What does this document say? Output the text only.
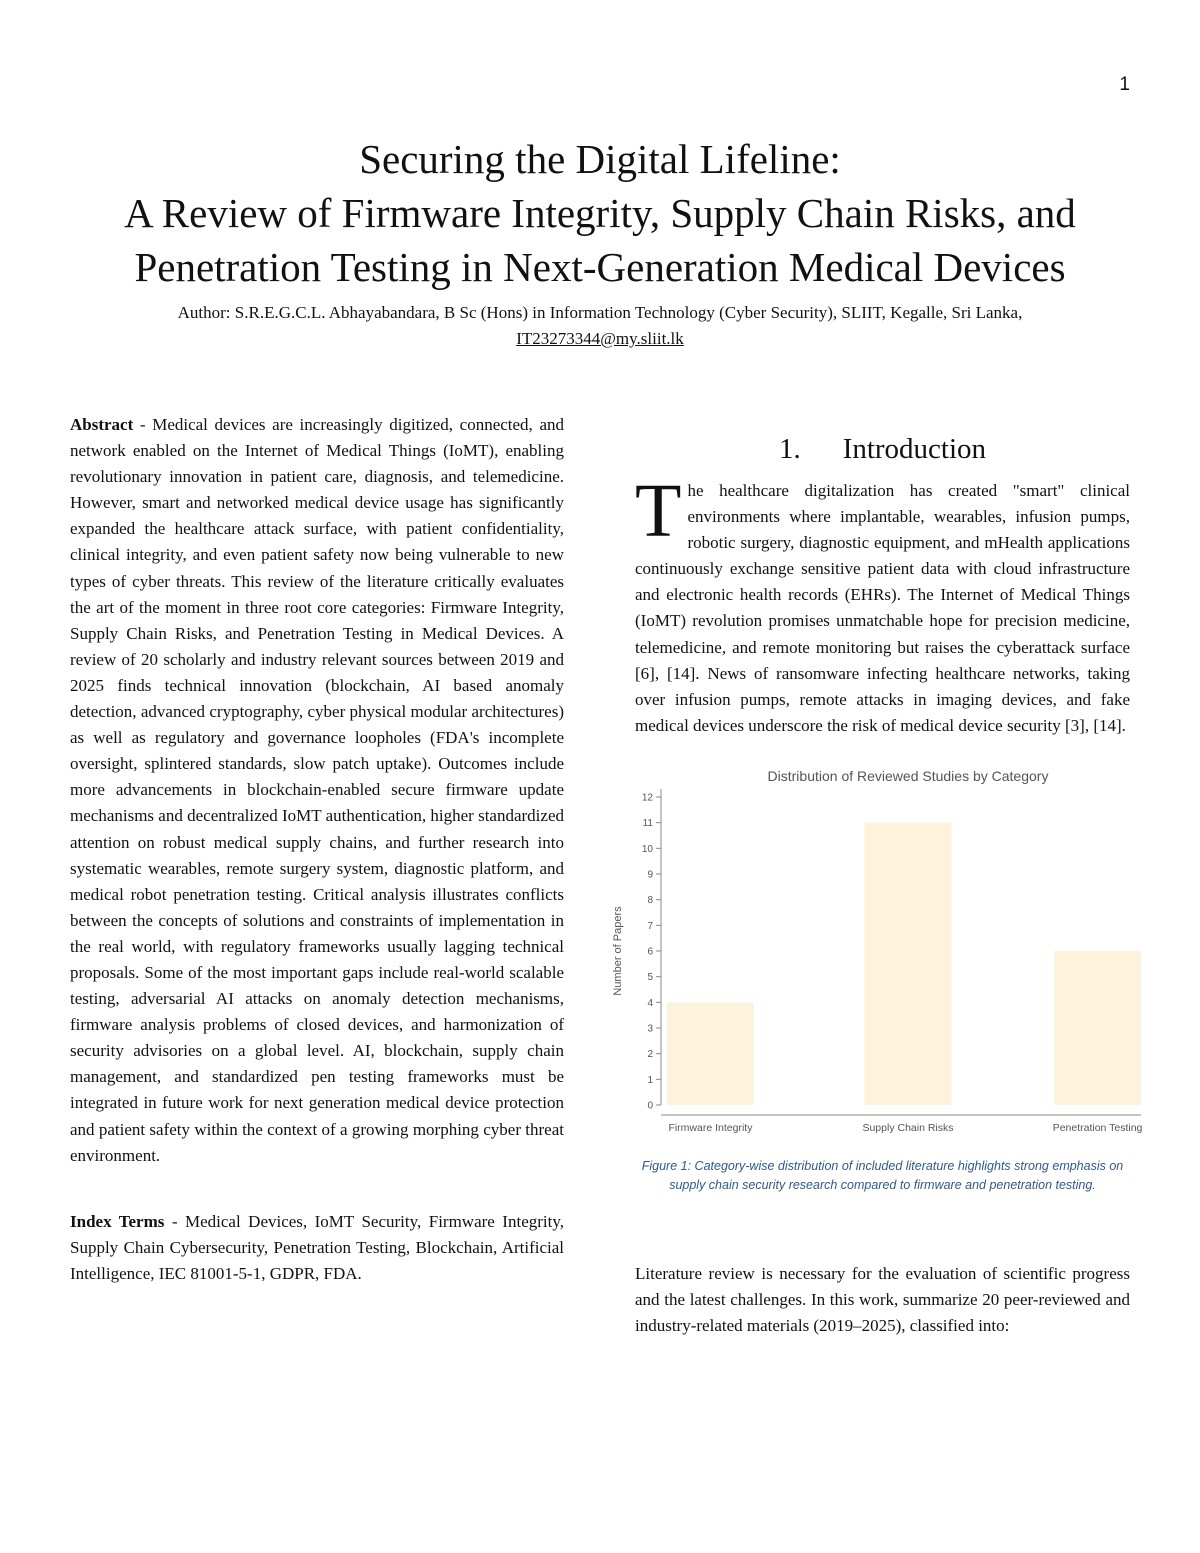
1
Securing the Digital Lifeline:
A Review of Firmware Integrity, Supply Chain Risks, and
Penetration Testing in Next-Generation Medical Devices
Author: S.R.E.G.C.L. Abhayabandara, B Sc (Hons) in Information Technology (Cyber Security), SLIIT, Kegalle, Sri Lanka,
IT23273344@my.sliit.lk

Abstract - Medical devices are increasingly digitized, connected, and network enabled on the Internet of Medical Things (IoMT), enabling revolutionary innovation in patient care, diagnosis, and telemedicine. However, smart and networked medical device usage has significantly expanded the healthcare attack surface, with patient confidentiality, clinical integrity, and even patient safety now being vulnerable to new types of cyber threats. This review of the literature critically evaluates the art of the moment in three root core categories: Firmware Integrity, Supply Chain Risks, and Penetration Testing in Medical Devices. A review of 20 scholarly and industry relevant sources between 2019 and 2025 finds technical innovation (blockchain, AI based anomaly detection, advanced cryptography, cyber physical modular architectures) as well as regulatory and governance loopholes (FDA's incomplete oversight, splintered standards, slow patch uptake). Outcomes include more advancements in blockchain-enabled secure firmware update mechanisms and decentralized IoMT authentication, higher standardized attention on robust medical supply chains, and further research into systematic wearables, remote surgery system, diagnostic platform, and medical robot penetration testing. Critical analysis illustrates conflicts between the concepts of solutions and constraints of implementation in the real world, with regulatory frameworks usually lagging technical proposals. Some of the most important gaps include real-world scalable testing, adversarial AI attacks on anomaly detection mechanisms, firmware analysis problems of closed devices, and harmonization of security advisories on a global level. AI, blockchain, supply chain management, and standardized pen testing frameworks must be integrated in future work for next generation medical device protection and patient safety within the context of a growing morphing cyber threat environment.

Index Terms - Medical Devices, IoMT Security, Firmware Integrity, Supply Chain Cybersecurity, Penetration Testing, Blockchain, Artificial Intelligence, IEC 81001-5-1, GDPR, FDA.

1. Introduction

The healthcare digitalization has created "smart" clinical environments where implantable, wearables, infusion pumps, robotic surgery, diagnostic equipment, and mHealth applications continuously exchange sensitive patient data with cloud infrastructure and electronic health records (EHRs). The Internet of Medical Things (IoMT) revolution promises unmatchable hope for precision medicine, telemedicine, and remote monitoring but raises the cyberattack surface [6], [14]. News of ransomware infecting healthcare networks, taking over infusion pumps, remote attacks in imaging devices, and fake medical devices underscore the risk of medical device security [3], [14].

Distribution of Reviewed Studies by Category
Number of Papers
Firmware Integrity	Supply Chain Risks	Penetration Testing
0
1
2
3
4
5
6
7
8
9
10
11
12

Figure 1: Category-wise distribution of included literature highlights strong emphasis on supply chain security research compared to firmware and penetration testing.

Literature review is necessary for the evaluation of scientific progress and the latest challenges. In this work, summarize 20 peer-reviewed and industry-related materials (2019–2025), classified into:
